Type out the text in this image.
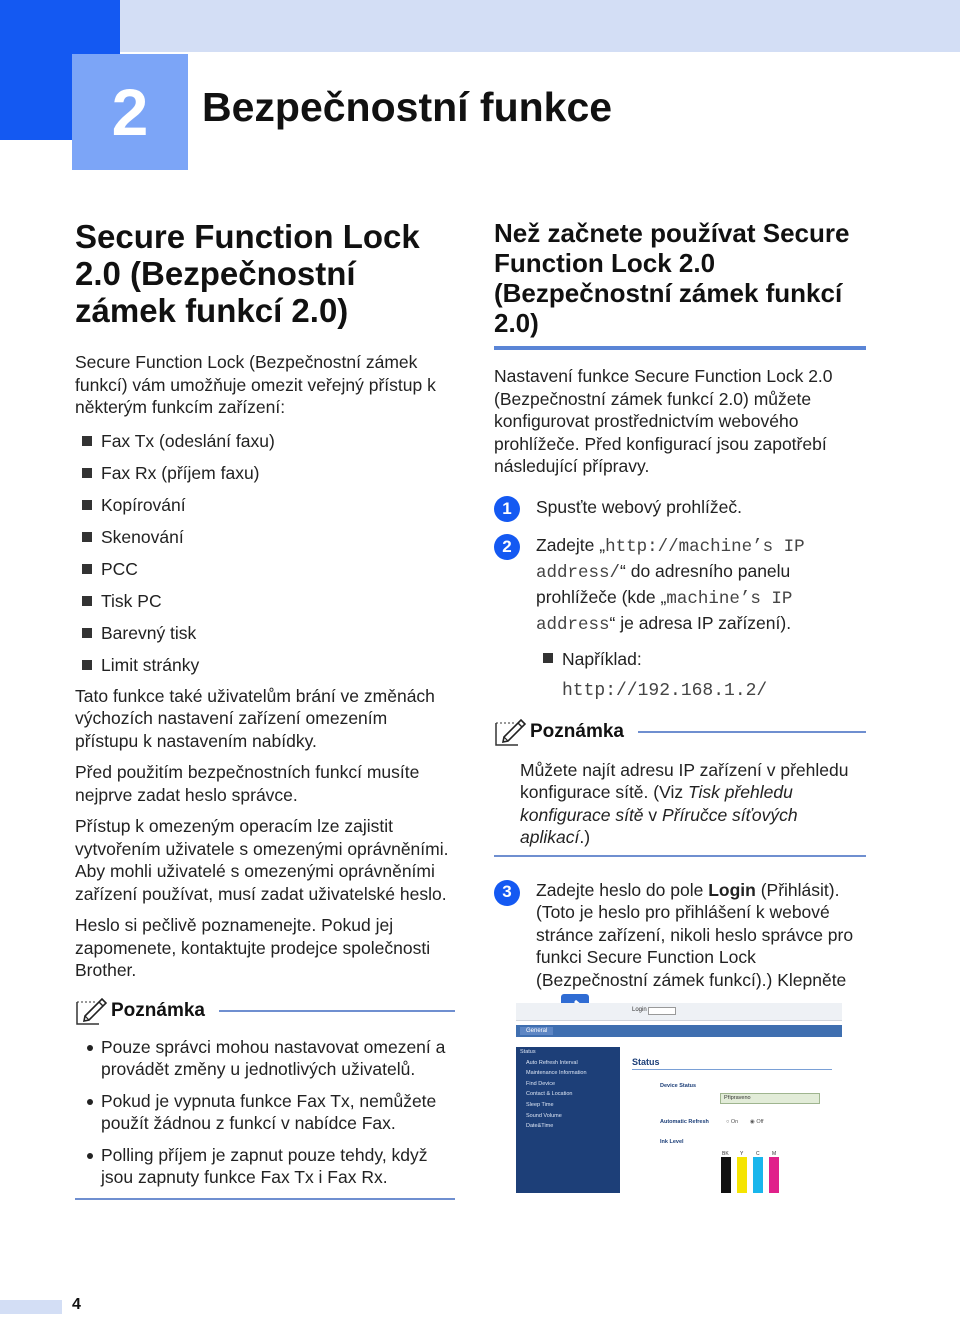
2	Bezpečnostní funkce
Secure Function Lock 2.0 (Bezpečnostní zámek funkcí 2.0)

Secure Function Lock (Bezpečnostní zámek funkcí) vám umožňuje omezit veřejný přístup k některým funkcím zařízení:

Fax Tx (odeslání faxu)
Fax Rx (příjem faxu)
Kopírování
Skenování
PCC
Tisk PC
Barevný tisk
Limit stránky

Tato funkce také uživatelům brání ve změnách výchozích nastavení zařízení omezením přístupu k nastavením nabídky.

Před použitím bezpečnostních funkcí musíte nejprve zadat heslo správce.

Přístup k omezeným operacím lze zajistit vytvořením uživatele s omezenými oprávněními. Aby mohli uživatelé s omezenými oprávněními zařízení používat, musí zadat uživatelské heslo.

Heslo si pečlivě poznamenejte. Pokud jej zapomenete, kontaktujte prodejce společnosti Brother.

Poznámka
Pouze správci mohou nastavovat omezení a provádět změny u jednotlivých uživatelů.
Pokud je vypnuta funkce Fax Tx, nemůžete použít žádnou z funkcí v nabídce Fax.
Polling příjem je zapnut pouze tehdy, když jsou zapnuty funkce Fax Tx i Fax Rx.
Než začnete používat Secure Function Lock 2.0 (Bezpečnostní zámek funkcí 2.0)

Nastavení funkce Secure Function Lock 2.0 (Bezpečnostní zámek funkcí 2.0) můžete konfigurovat prostřednictvím webového prohlížeče. Před konfigurací jsou zapotřebí následující přípravy.

1	Spusťte webový prohlížeč.
2	Zadejte „http://machine’s IP address/“ do adresního panelu prohlížeče (kde „machine’s IP address“ je adresa IP zařízení).
Například:
http://192.168.1.2/
Poznámka

Můžete najít adresu IP zařízení v přehledu konfigurace sítě. (Viz Tisk přehledu konfigurace sítě v Příručce síťových aplikací.)

3	Zadejte heslo do pole Login (Přihlásit). (Toto je heslo pro přihlášení k webové stránce zařízení, nikoli heslo správce pro funkci Secure Function Lock (Bezpečnostní zámek funkcí).) Klepněte
Login
General
Status
Auto Refresh Interval
Maintenance Information
Find Device
Contact & Location
Sleep Time
Sound Volume
Date&Time
Status
Device Status
Připraveno
Automatic Refresh	○ On ◉ Off
Ink Level
BK Y	C M
4
